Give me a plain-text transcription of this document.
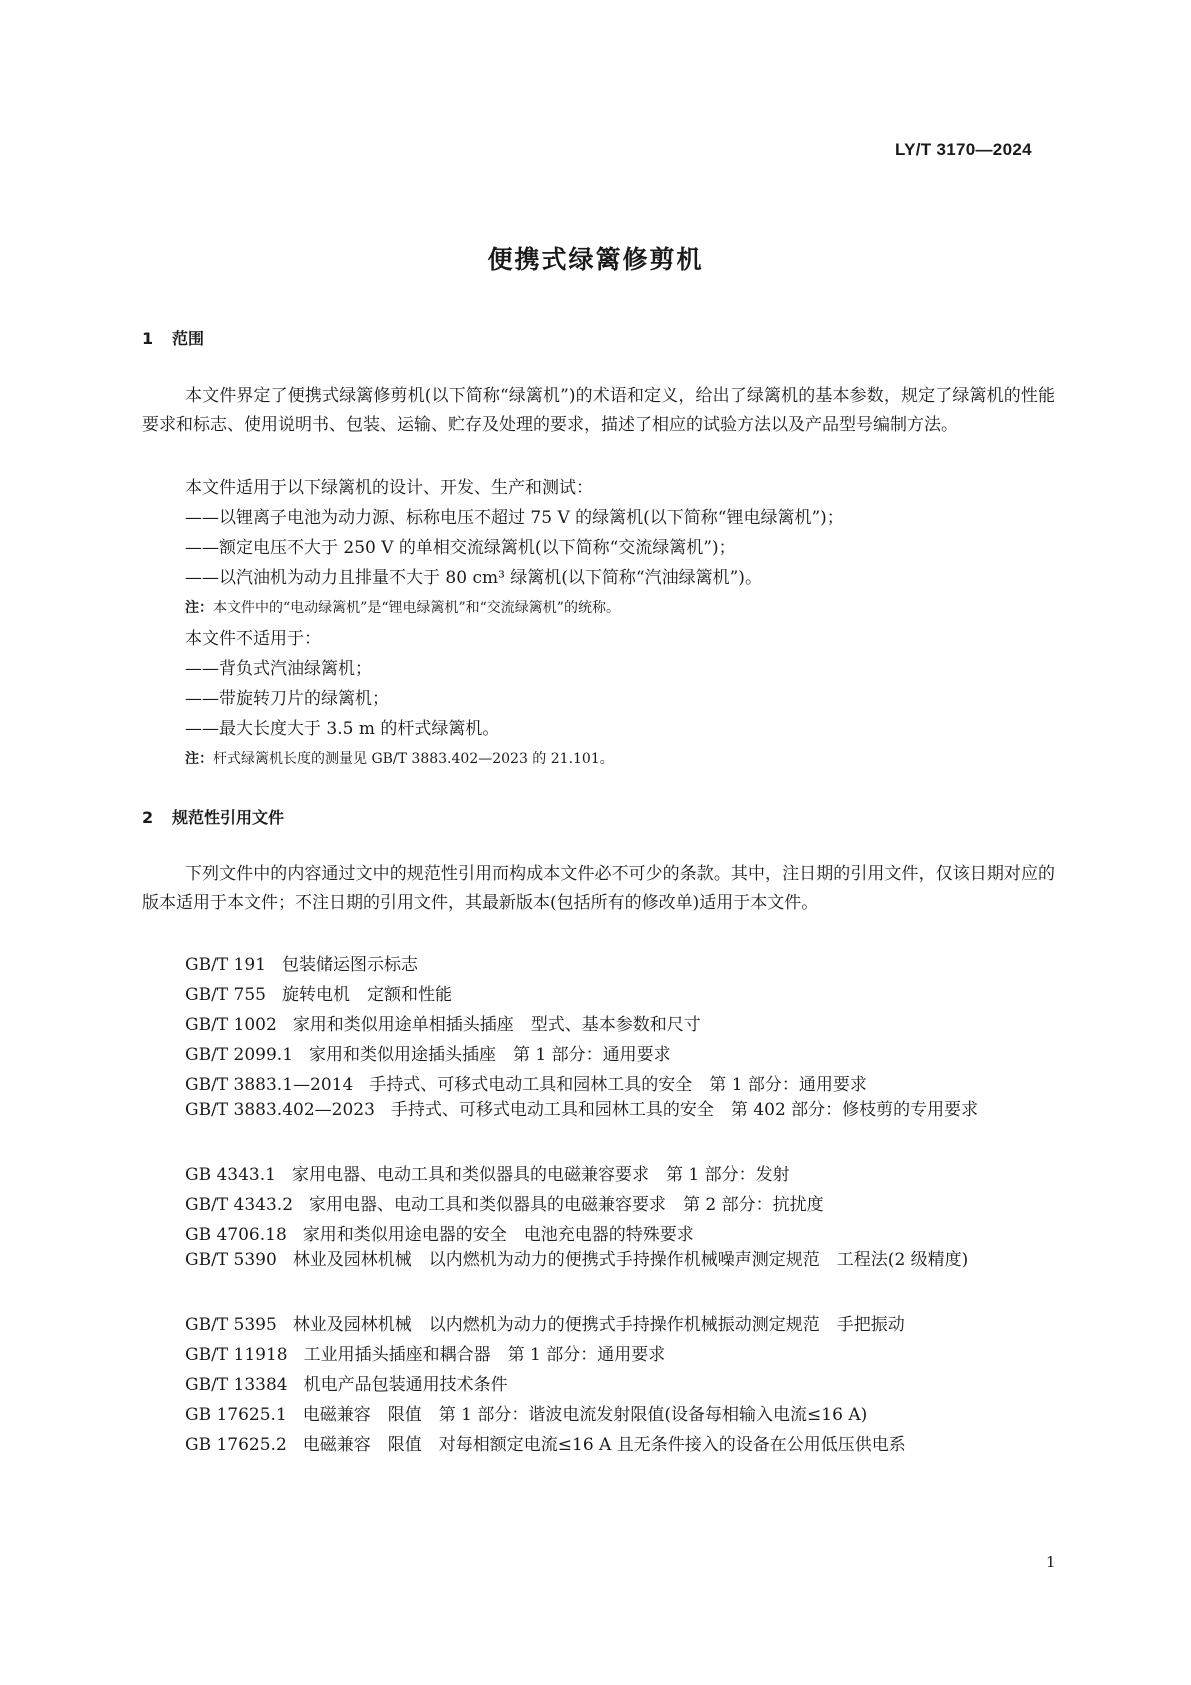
LY/T 3170—2024
便携式绿篱修剪机
1 范围

本文件界定了便携式绿篱修剪机(以下简称“绿篱机”)的术语和定义，给出了绿篱机的基本参数，规定了绿篱机的性能要求和标志、使用说明书、包装、运输、贮存及处理的要求，描述了相应的试验方法以及产品型号编制方法。

本文件适用于以下绿篱机的设计、开发、生产和测试：
——以锂离子电池为动力源、标称电压不超过 75 V 的绿篱机(以下简称“锂电绿篱机”)；
——额定电压不大于 250 V 的单相交流绿篱机(以下简称“交流绿篱机”)；
——以汽油机为动力且排量不大于 80 cm³ 绿篱机(以下简称“汽油绿篱机”)。
注：本文件中的“电动绿篱机”是“锂电绿篱机”和“交流绿篱机”的统称。
本文件不适用于：
——背负式汽油绿篱机；
——带旋转刀片的绿篱机；
——最大长度大于 3.5 m 的杆式绿篱机。
注：杆式绿篱机长度的测量见 GB/T 3883.402—2023 的 21.101。
2 规范性引用文件

下列文件中的内容通过文中的规范性引用而构成本文件必不可少的条款。其中，注日期的引用文件，仅该日期对应的版本适用于本文件；不注日期的引用文件，其最新版本(包括所有的修改单)适用于本文件。

GB/T 191 包装储运图示标志
GB/T 755 旋转电机　定额和性能
GB/T 1002 家用和类似用途单相插头插座　型式、基本参数和尺寸
GB/T 2099.1 家用和类似用途插头插座　第 1 部分：通用要求
GB/T 3883.1—2014 手持式、可移式电动工具和园林工具的安全　第 1 部分：通用要求

GB/T 3883.402—2023 手持式、可移式电动工具和园林工具的安全　第 402 部分：修枝剪的专用要求

GB 4343.1 家用电器、电动工具和类似器具的电磁兼容要求　第 1 部分：发射
GB/T 4343.2 家用电器、电动工具和类似器具的电磁兼容要求　第 2 部分：抗扰度
GB 4706.18 家用和类似用途电器的安全　电池充电器的特殊要求

GB/T 5390 林业及园林机械　以内燃机为动力的便携式手持操作机械噪声测定规范　工程法(2 级精度)

GB/T 5395 林业及园林机械　以内燃机为动力的便携式手持操作机械振动测定规范　手把振动
GB/T 11918 工业用插头插座和耦合器　第 1 部分：通用要求
GB/T 13384 机电产品包装通用技术条件
GB 17625.1 电磁兼容　限值　第 1 部分：谐波电流发射限值(设备每相输入电流≤16 A)
GB 17625.2 电磁兼容　限值　对每相额定电流≤16 A 且无条件接入的设备在公用低压供电系
1
